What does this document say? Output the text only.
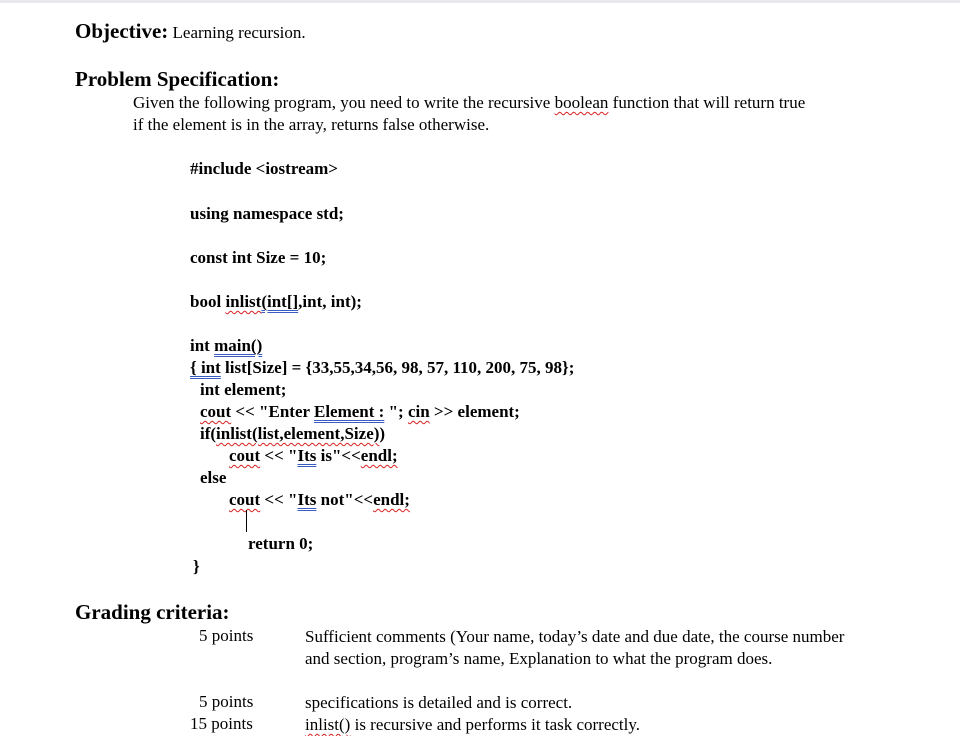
Objective: Learning recursion.
Problem Specification:
Given the following program, you need to write the recursive boolean function that will return true
if the element is in the array, returns false otherwise.
#include <iostream>
using namespace std;
const int Size = 10;
bool inlist(int[],int, int);
int main()
{ int list[Size] = {33,55,34,56, 98, 57, 110, 200, 75, 98};
int element;
cout << "Enter Element : "; cin >> element;
if(inlist(list,element,Size))
cout << "Its is"<<endl;
else
cout << "Its not"<<endl;
return 0;
}
Grading criteria:
5 points	Sufficient comments (Your name, today’s date and due date, the course number and section, program’s name, Explanation to what the program does.
5 points	specifications is detailed and is correct.
15 points	inlist() is recursive and performs it task correctly.
